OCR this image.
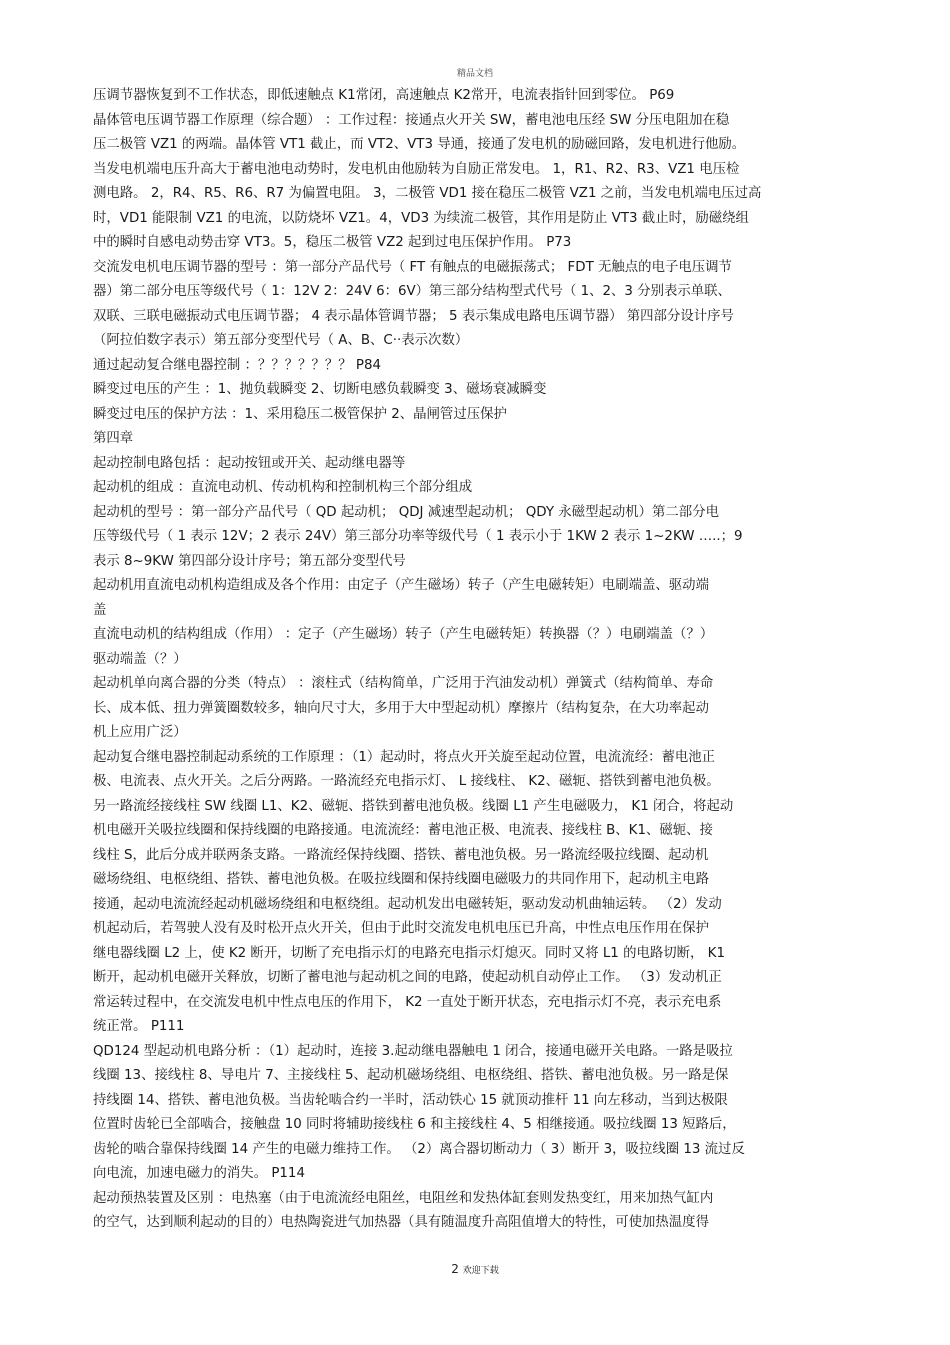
精品文档
压调节器恢复到不工作状态，即低速触点 K1常闭，高速触点 K2常开，电流表指针回到零位。 P69
晶体管电压调节器工作原理（综合题） ：工作过程：接通点火开关 SW，蓄电池电压经 SW 分压电阻加在稳
压二极管 VZ1 的两端。晶体管 VT1 截止，而 VT2、VT3 导通，接通了发电机的励磁回路，发电机进行他励。
当发电机端电压升高大于蓄电池电动势时，发电机由他励转为自励正常发电。 1，R1、R2、R3、VZ1 电压检
测电路。 2，R4、R5、R6、R7 为偏置电阻。 3，二极管 VD1 接在稳压二极管 VZ1 之前，当发电机端电压过高
时，VD1 能限制 VZ1 的电流，以防烧坏 VZ1。4，VD3 为续流二极管，其作用是防止 VT3 截止时，励磁绕组
中的瞬时自感电动势击穿 VT3。5，稳压二极管 VZ2 起到过电压保护作用。 P73
交流发电机电压调节器的型号 ：第一部分产品代号（ FT 有触点的电磁振荡式； FDT 无触点的电子电压调节
器）第二部分电压等级代号（ 1：12V 2：24V 6：6V）第三部分结构型式代号（ 1、2、3 分别表示单联、
双联、三联电磁振动式电压调节器； 4 表示晶体管调节器； 5 表示集成电路电压调节器） 第四部分设计序号
（阿拉伯数字表示）第五部分变型代号（ A、B、C··表示次数）
通过起动复合继电器控制 ：？？？？？？？ P84
瞬变过电压的产生 ：1、抛负载瞬变 2、切断电感负载瞬变 3、磁场衰减瞬变
瞬变过电压的保护方法 ：1、采用稳压二极管保护 2、晶闸管过压保护
第四章
起动控制电路包括 ：起动按钮或开关、起动继电器等
起动机的组成 ：直流电动机、传动机构和控制机构三个部分组成
起动机的型号 ：第一部分产品代号（ QD 起动机； QDJ 减速型起动机； QDY 永磁型起动机）第二部分电
压等级代号（ 1 表示 12V；2 表示 24V）第三部分功率等级代号（ 1 表示小于 1KW 2 表示 1~2KW …..；9
表示 8~9KW 第四部分设计序号；第五部分变型代号
起动机用直流电动机构造组成及各个作用：由定子（产生磁场）转子（产生电磁转矩）电刷端盖、驱动端
盖
直流电动机的结构组成（作用） ：定子（产生磁场）转子（产生电磁转矩）转换器（？）电刷端盖（？）
驱动端盖（？）
起动机单向离合器的分类（特点） ：滚柱式（结构简单，广泛用于汽油发动机）弹簧式（结构简单、寿命
长、成本低、扭力弹簧圈数较多，轴向尺寸大，多用于大中型起动机）摩擦片（结构复杂，在大功率起动
机上应用广泛）
起动复合继电器控制起动系统的工作原理 ：（1）起动时，将点火开关旋至起动位置，电流流经：蓄电池正
极、电流表、点火开关。之后分两路。一路流经充电指示灯、 L 接线柱、 K2、磁轭、搭铁到蓄电池负极。
另一路流经接线柱 SW 线圈 L1、K2、磁轭、搭铁到蓄电池负极。线圈 L1 产生电磁吸力， K1 闭合，将起动
机电磁开关吸拉线圈和保持线圈的电路接通。电流流经：蓄电池正极、电流表、接线柱 B、K1、磁轭、接
线柱 S，此后分成并联两条支路。一路流经保持线圈、搭铁、蓄电池负极。另一路流经吸拉线圈、起动机
磁场绕组、电枢绕组、搭铁、蓄电池负极。在吸拉线圈和保持线圈电磁吸力的共同作用下，起动机主电路
接通，起动电流流经起动机磁场绕组和电枢绕组。起动机发出电磁转矩，驱动发动机曲轴运转。 （2）发动
机起动后，若驾驶人没有及时松开点火开关，但由于此时交流发电机电压已升高，中性点电压作用在保护
继电器线圈 L2 上，使 K2 断开，切断了充电指示灯的电路充电指示灯熄灭。同时又将 L1 的电路切断， K1
断开，起动机电磁开关释放，切断了蓄电池与起动机之间的电路，使起动机自动停止工作。 （3）发动机正
常运转过程中，在交流发电机中性点电压的作用下， K2 一直处于断开状态，充电指示灯不亮，表示充电系
统正常。 P111
QD124 型起动机电路分析 ：（1）起动时，连接 3.起动继电器触电 1 闭合，接通电磁开关电路。一路是吸拉
线圈 13、接线柱 8、导电片 7、主接线柱 5、起动机磁场绕组、电枢绕组、搭铁、蓄电池负极。另一路是保
持线圈 14、搭铁、蓄电池负极。当齿轮啮合约一半时，活动铁心 15 就顶动推杆 11 向左移动，当到达极限
位置时齿轮已全部啮合，接触盘 10 同时将辅助接线柱 6 和主接线柱 4、5 相继接通。吸拉线圈 13 短路后，
齿轮的啮合靠保持线圈 14 产生的电磁力维持工作。 （2）离合器切断动力（ 3）断开 3，吸拉线圈 13 流过反
向电流，加速电磁力的消失。 P114
起动预热装置及区别 ：电热塞（由于电流流经电阻丝，电阻丝和发热体缸套则发热变红，用来加热气缸内
的空气，达到顺利起动的目的）电热陶瓷进气加热器（具有随温度升高阻值增大的特性，可使加热温度得
2 欢迎下载
